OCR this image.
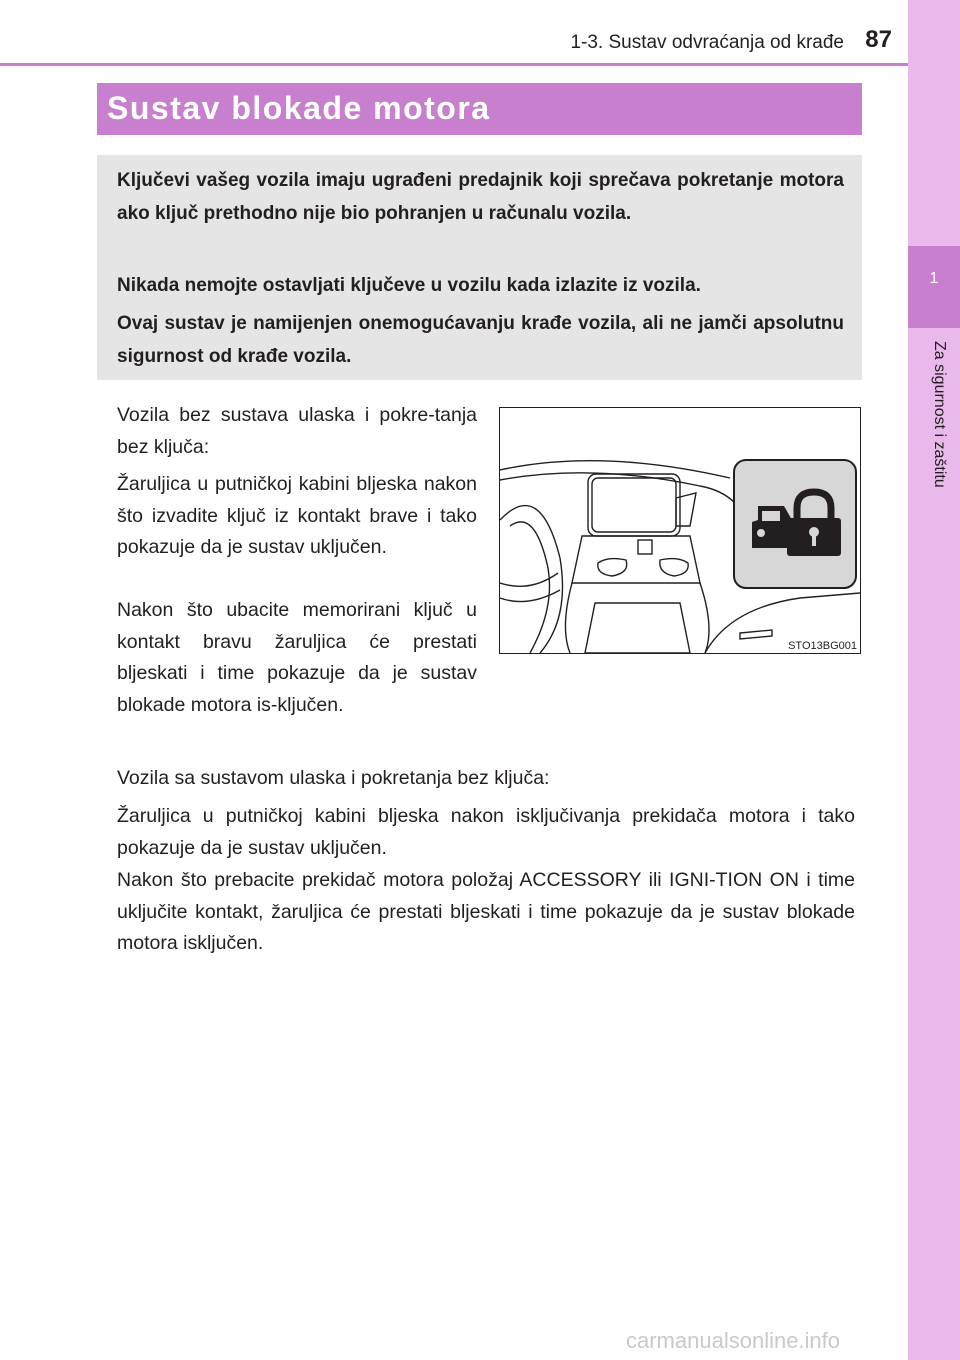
1
Za sigurnost i zaštitu
1-3. Sustav odvraćanja od krađe 87
Sustav blokade motora

Ključevi vašeg vozila imaju ugrađeni predajnik koji sprečava pokretanje motora ako ključ prethodno nije bio pohranjen u računalu vozila.

Nikada nemojte ostavljati ključeve u vozilu kada izlazite iz vozila.

Ovaj sustav je namijenjen onemogućavanju krađe vozila, ali ne jamči apsolutnu sigurnost od krađe vozila.

Vozila bez sustava ulaska i pokre-tanja bez ključa:

Žaruljica u putničkoj kabini bljeska nakon što izvadite ključ iz kontakt brave i tako pokazuje da je sustav uključen.

Nakon što ubacite memorirani ključ u kontakt bravu žaruljica će prestati bljeskati i time pokazuje da je sustav blokade motora is-ključen.

STO13BG001

Vozila sa sustavom ulaska i pokretanja bez ključa:

Žaruljica u putničkoj kabini bljeska nakon isključivanja prekidača motora i tako pokazuje da je sustav uključen.

Nakon što prebacite prekidač motora položaj ACCESSORY ili IGNI-TION ON i time uključite kontakt, žaruljica će prestati bljeskati i time pokazuje da je sustav blokade motora isključen.

carmanualsonline.info
